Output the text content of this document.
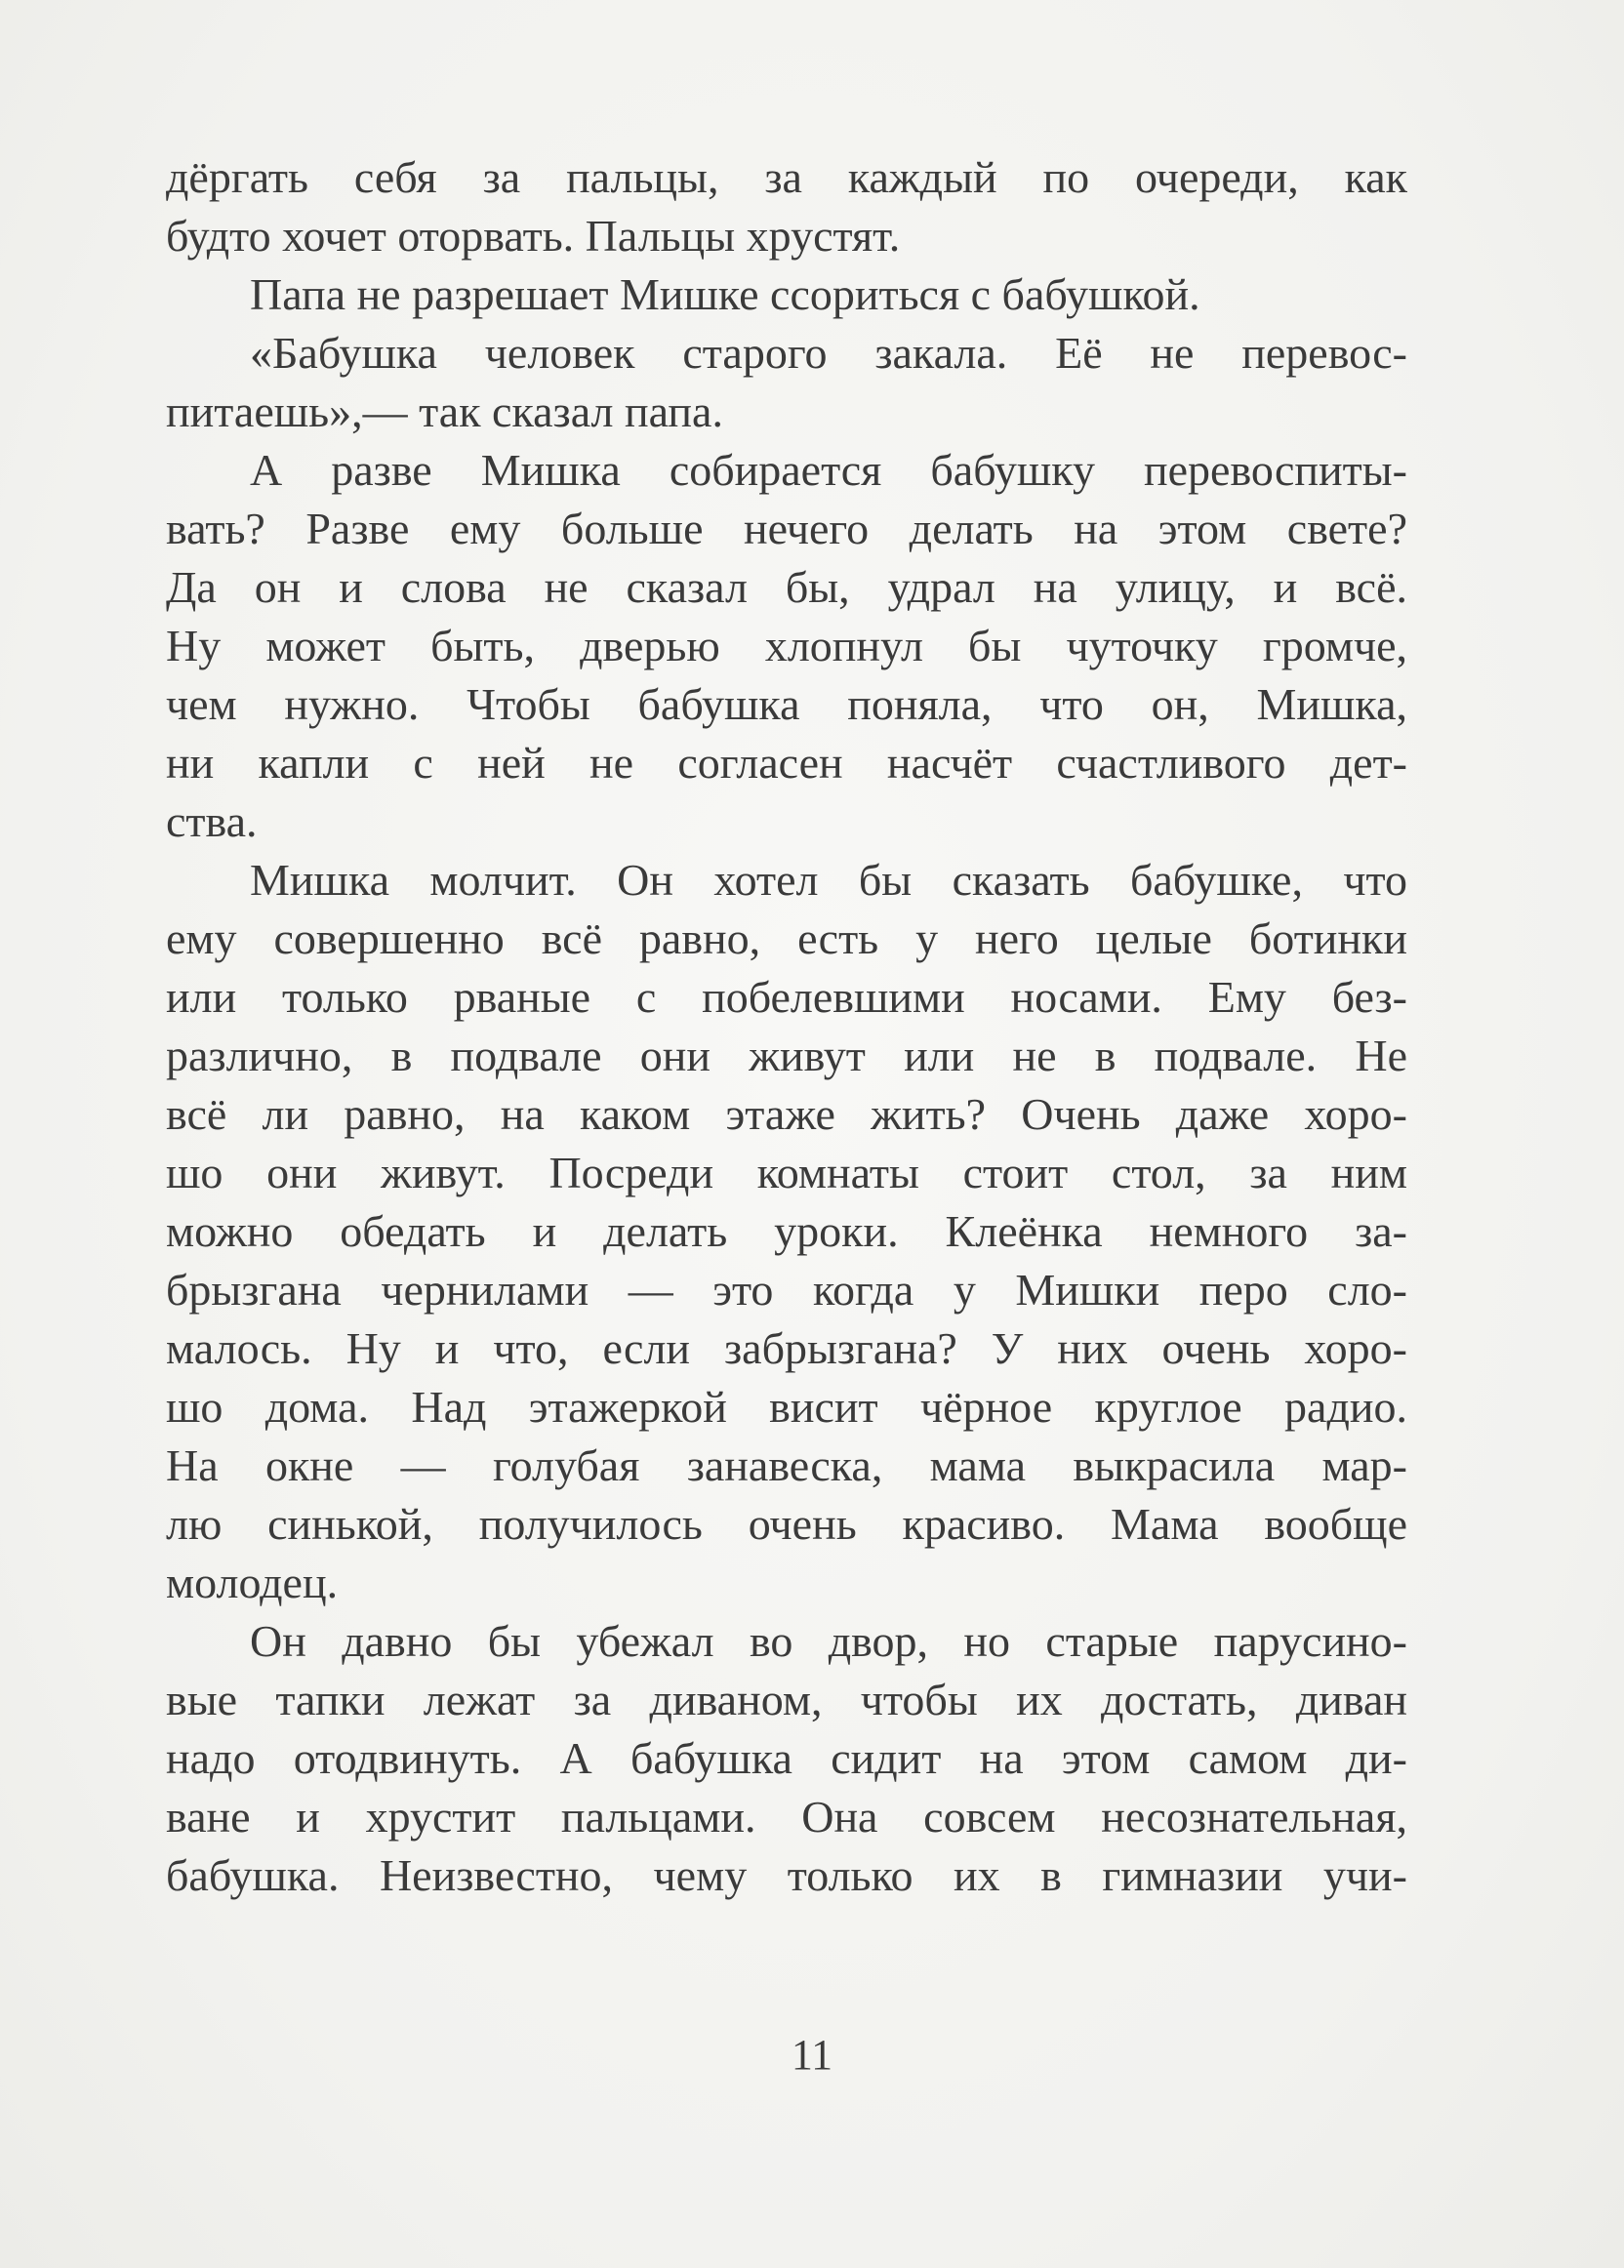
дёргать себя за пальцы, за каждый по очереди, как
будто хочет оторвать. Пальцы хрустят.
Папа не разрешает Мишке ссориться с бабушкой.
«Бабушка человек старого закала. Её не перевос-
питаешь»,— так сказал папа.
А разве Мишка собирается бабушку перевоспиты-
вать? Разве ему больше нечего делать на этом свете?
Да он и слова не сказал бы, удрал на улицу, и всё.
Ну может быть, дверью хлопнул бы чуточку громче,
чем нужно. Чтобы бабушка поняла, что он, Мишка,
ни капли с ней не согласен насчёт счастливого дет-
ства.
Мишка молчит. Он хотел бы сказать бабушке, что
ему совершенно всё равно, есть у него целые ботинки
или только рваные с побелевшими носами. Ему без-
различно, в подвале они живут или не в подвале. Не
всё ли равно, на каком этаже жить? Очень даже хоро-
шо они живут. Посреди комнаты стоит стол, за ним
можно обедать и делать уроки. Клеёнка немного за-
брызгана чернилами — это когда у Мишки перо сло-
малось. Ну и что, если забрызгана? У них очень хоро-
шо дома. Над этажеркой висит чёрное круглое радио.
На окне — голубая занавеска, мама выкрасила мар-
лю синькой, получилось очень красиво. Мама вообще
молодец.
Он давно бы убежал во двор, но старые парусино-
вые тапки лежат за диваном, чтобы их достать, диван
надо отодвинуть. А бабушка сидит на этом самом ди-
ване и хрустит пальцами. Она совсем несознательная,
бабушка. Неизвестно, чему только их в гимназии учи-
11
